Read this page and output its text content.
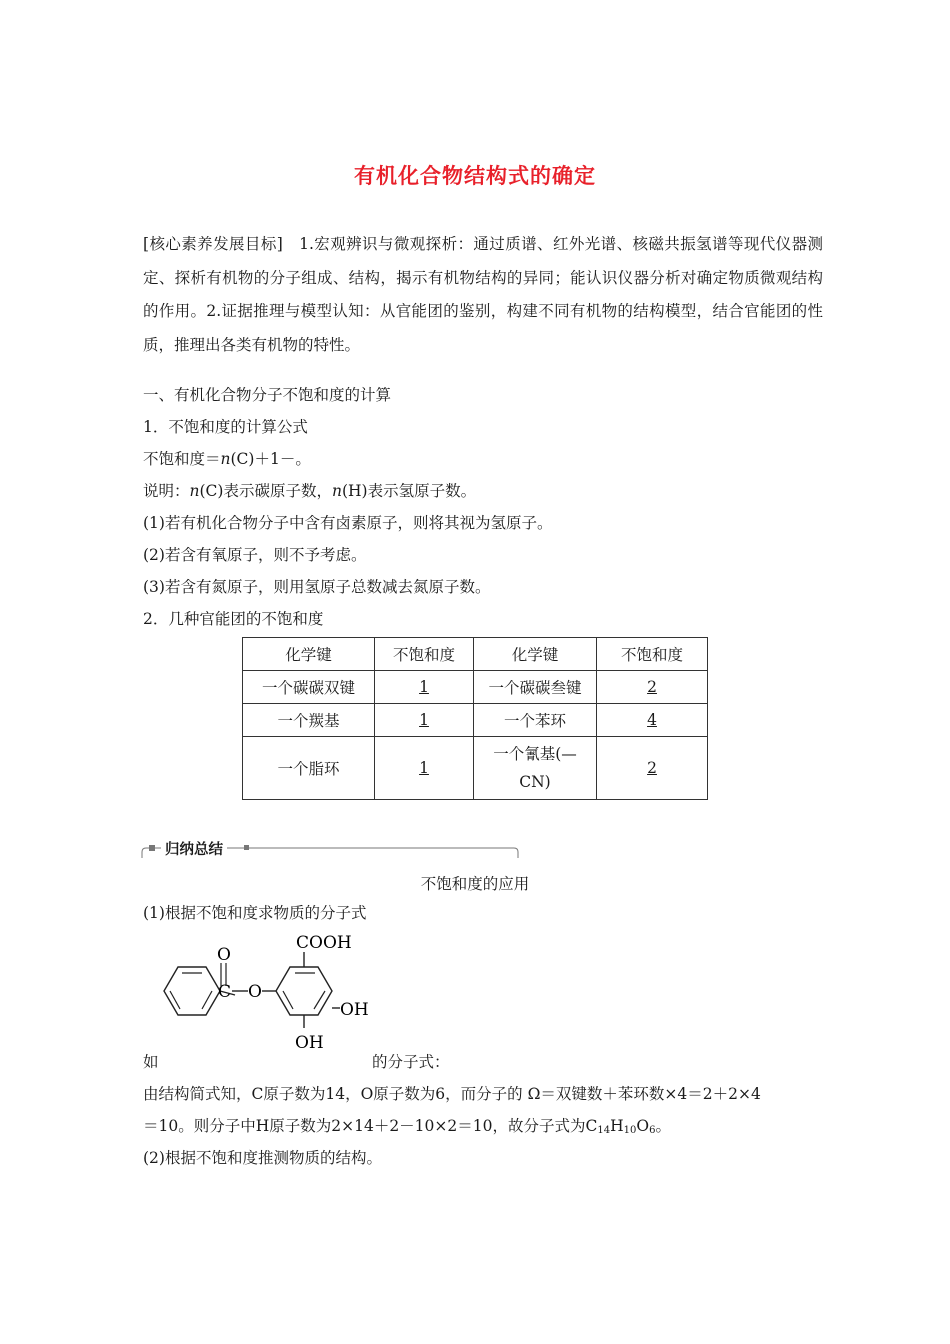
有机化合物结构式的确定
[核心素养发展目标]　1.宏观辨识与微观探析：通过质谱、红外光谱、核磁共振氢谱等现代仪器测定、探析有机物的分子组成、结构，揭示有机物结构的异同；能认识仪器分析对确定物质微观结构的作用。2.证据推理与模型认知：从官能团的鉴别，构建不同有机物的结构模型，结合官能团的性质，推理出各类有机物的特性。
一、有机化合物分子不饱和度的计算
1．不饱和度的计算公式
不饱和度＝n(C)＋1－。
说明：n(C)表示碳原子数，n(H)表示氢原子数。
(1)若有机化合物分子中含有卤素原子，则将其视为氢原子。
(2)若含有氧原子，则不予考虑。
(3)若含有氮原子，则用氢原子总数减去氮原子数。
2．几种官能团的不饱和度
化学键	不饱和度	化学键	不饱和度
一个碳碳双键	1	一个碳碳叁键	2
一个羰基	1	一个苯环	4
一个脂环	1	一个氰基(—CN)	2
归纳总结
不饱和度的应用
(1)根据不饱和度求物质的分子式
O
C O
COOH
OH
OH
如	的分子式：
由结构简式知，C原子数为14，O原子数为6，而分子的 Ω＝双键数＋苯环数×4＝2＋2×4
＝10。则分子中H原子数为2×14＋2－10×2＝10，故分子式为$C_{14}H_{10}O_6$。
(2)根据不饱和度推测物质的结构。
